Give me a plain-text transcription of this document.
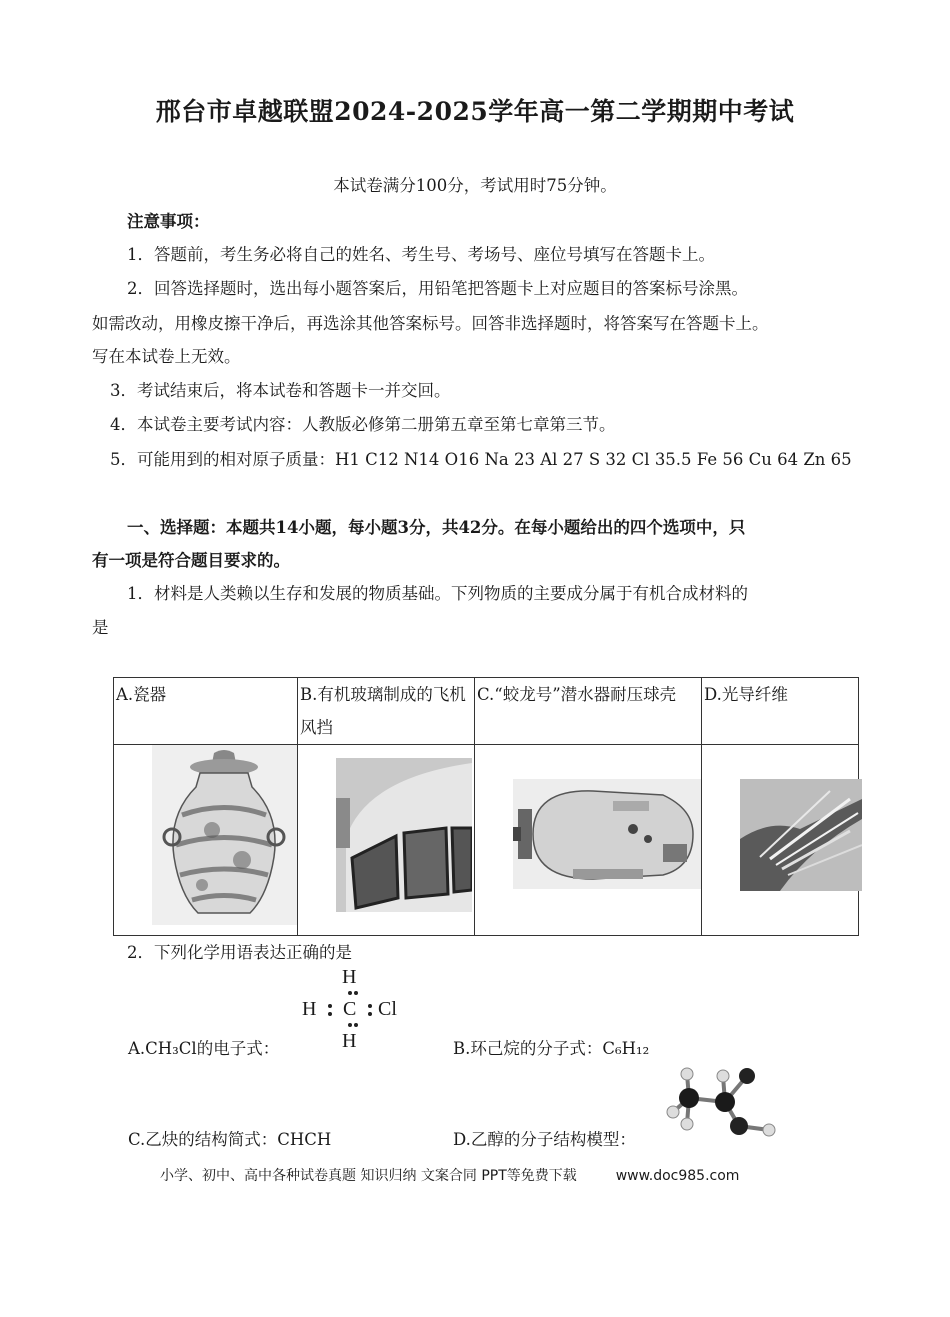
邢台市卓越联盟2024-2025学年高一第二学期期中考试
本试卷满分100分，考试用时75分钟。
注意事项：
1．答题前，考生务必将自己的姓名、考生号、考场号、座位号填写在答题卡上。
2．回答选择题时，选出每小题答案后，用铅笔把答题卡上对应题目的答案标号涂黑。
如需改动，用橡皮擦干净后，再选涂其他答案标号。回答非选择题时，将答案写在答题卡上。
写在本试卷上无效。
3．考试结束后，将本试卷和答题卡一并交回。
4．本试卷主要考试内容：人教版必修第二册第五章至第七章第三节。
5．可能用到的相对原子质量：H1 C12 N14 O16 Na 23 Al 27 S 32 Cl 35.5 Fe 56 Cu 64 Zn 65
一、选择题：本题共14小题，每小题3分，共42分。在每小题给出的四个选项中，只
有一项是符合题目要求的。
1．材料是人类赖以生存和发展的物质基础。下列物质的主要成分属于有机合成材料的
是
A.瓷器	B.有机玻璃制成的飞机风挡	C.“蛟龙号”潜水器耐压球壳	D.光导纤维

2．下列化学用语表达正确的是
H
H C Cl
H
A.CH₃Cl的电子式：	B.环己烷的分子式：C₆H₁₂
C.乙炔的结构简式：CHCH	D.乙醇的分子结构模型：
小学、初中、高中各种试卷真题 知识归纳 文案合同 PPT等免费下载	www.doc985.com
